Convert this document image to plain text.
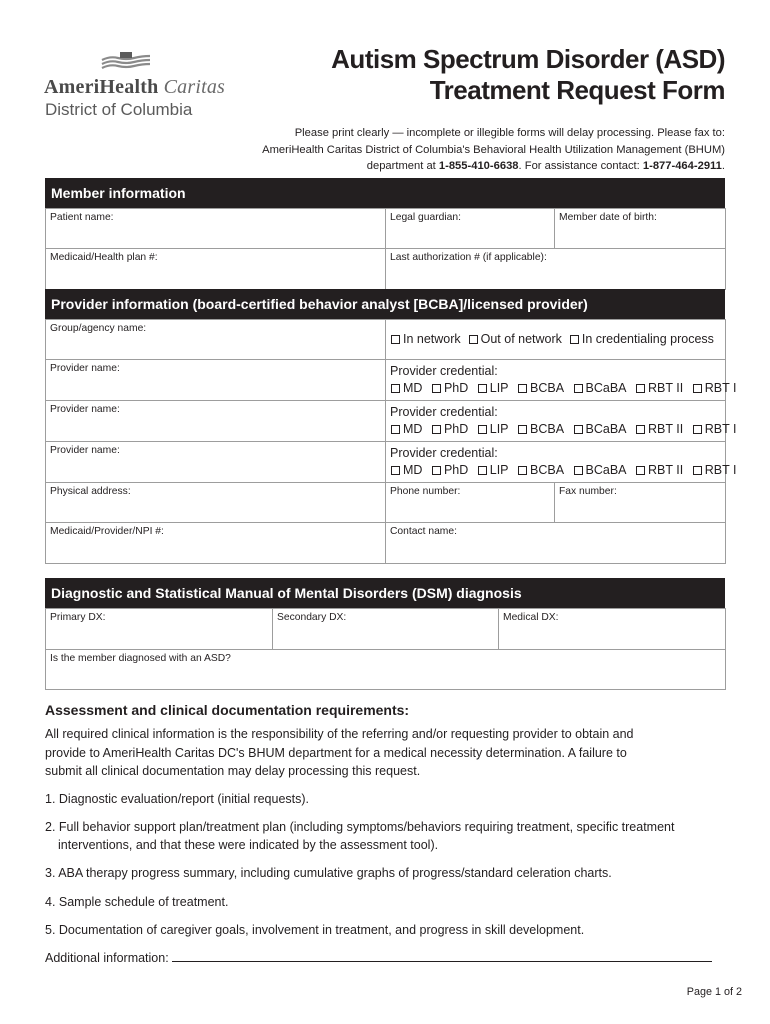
AmeriHealth Caritas
District of Columbia
Autism Spectrum Disorder (ASD)
Treatment Request Form
Please print clearly — incomplete or illegible forms will delay processing. Please fax to:
AmeriHealth Caritas District of Columbia's Behavioral Health Utilization Management (BHUM)
department at 1-855-410-6638. For assistance contact: 1-877-464-2911.
Member information
Patient name:	Legal guardian:	Member date of birth:
Medicaid/Health plan #:	Last authorization # (if applicable):	
Provider information (board-certified behavior analyst [BCBA]/licensed provider)
Group/agency name:	In network Out of network In credentialing process	

Provider name:	Provider credential:
MD PhD LIP BCBA BCaBA RBT II RBT I	

Provider name:	Provider credential:
MD PhD LIP BCBA BCaBA RBT II RBT I	

Provider name:	Provider credential:
MD PhD LIP BCBA BCaBA RBT II RBT I	

Physical address:	Phone number:	Fax number:
Medicaid/Provider/NPI #:	Contact name:	
Diagnostic and Statistical Manual of Mental Disorders (DSM) diagnosis
Primary DX:	Secondary DX:	Medical DX:
Is the member diagnosed with an ASD?
Assessment and clinical documentation requirements:
All required clinical information is the responsibility of the referring and/or requesting provider to obtain and
provide to AmeriHealth Caritas DC's BHUM department for a medical necessity determination. A failure to
submit all clinical documentation may delay processing this request.
1. Diagnostic evaluation/report (initial requests).
2. Full behavior support plan/treatment plan (including symptoms/behaviors requiring treatment, specific treatment
interventions, and that these were indicated by the assessment tool).
3. ABA therapy progress summary, including cumulative graphs of progress/standard celeration charts.
4. Sample schedule of treatment.
5. Documentation of caregiver goals, involvement in treatment, and progress in skill development.
Additional information:
Page 1 of 2
